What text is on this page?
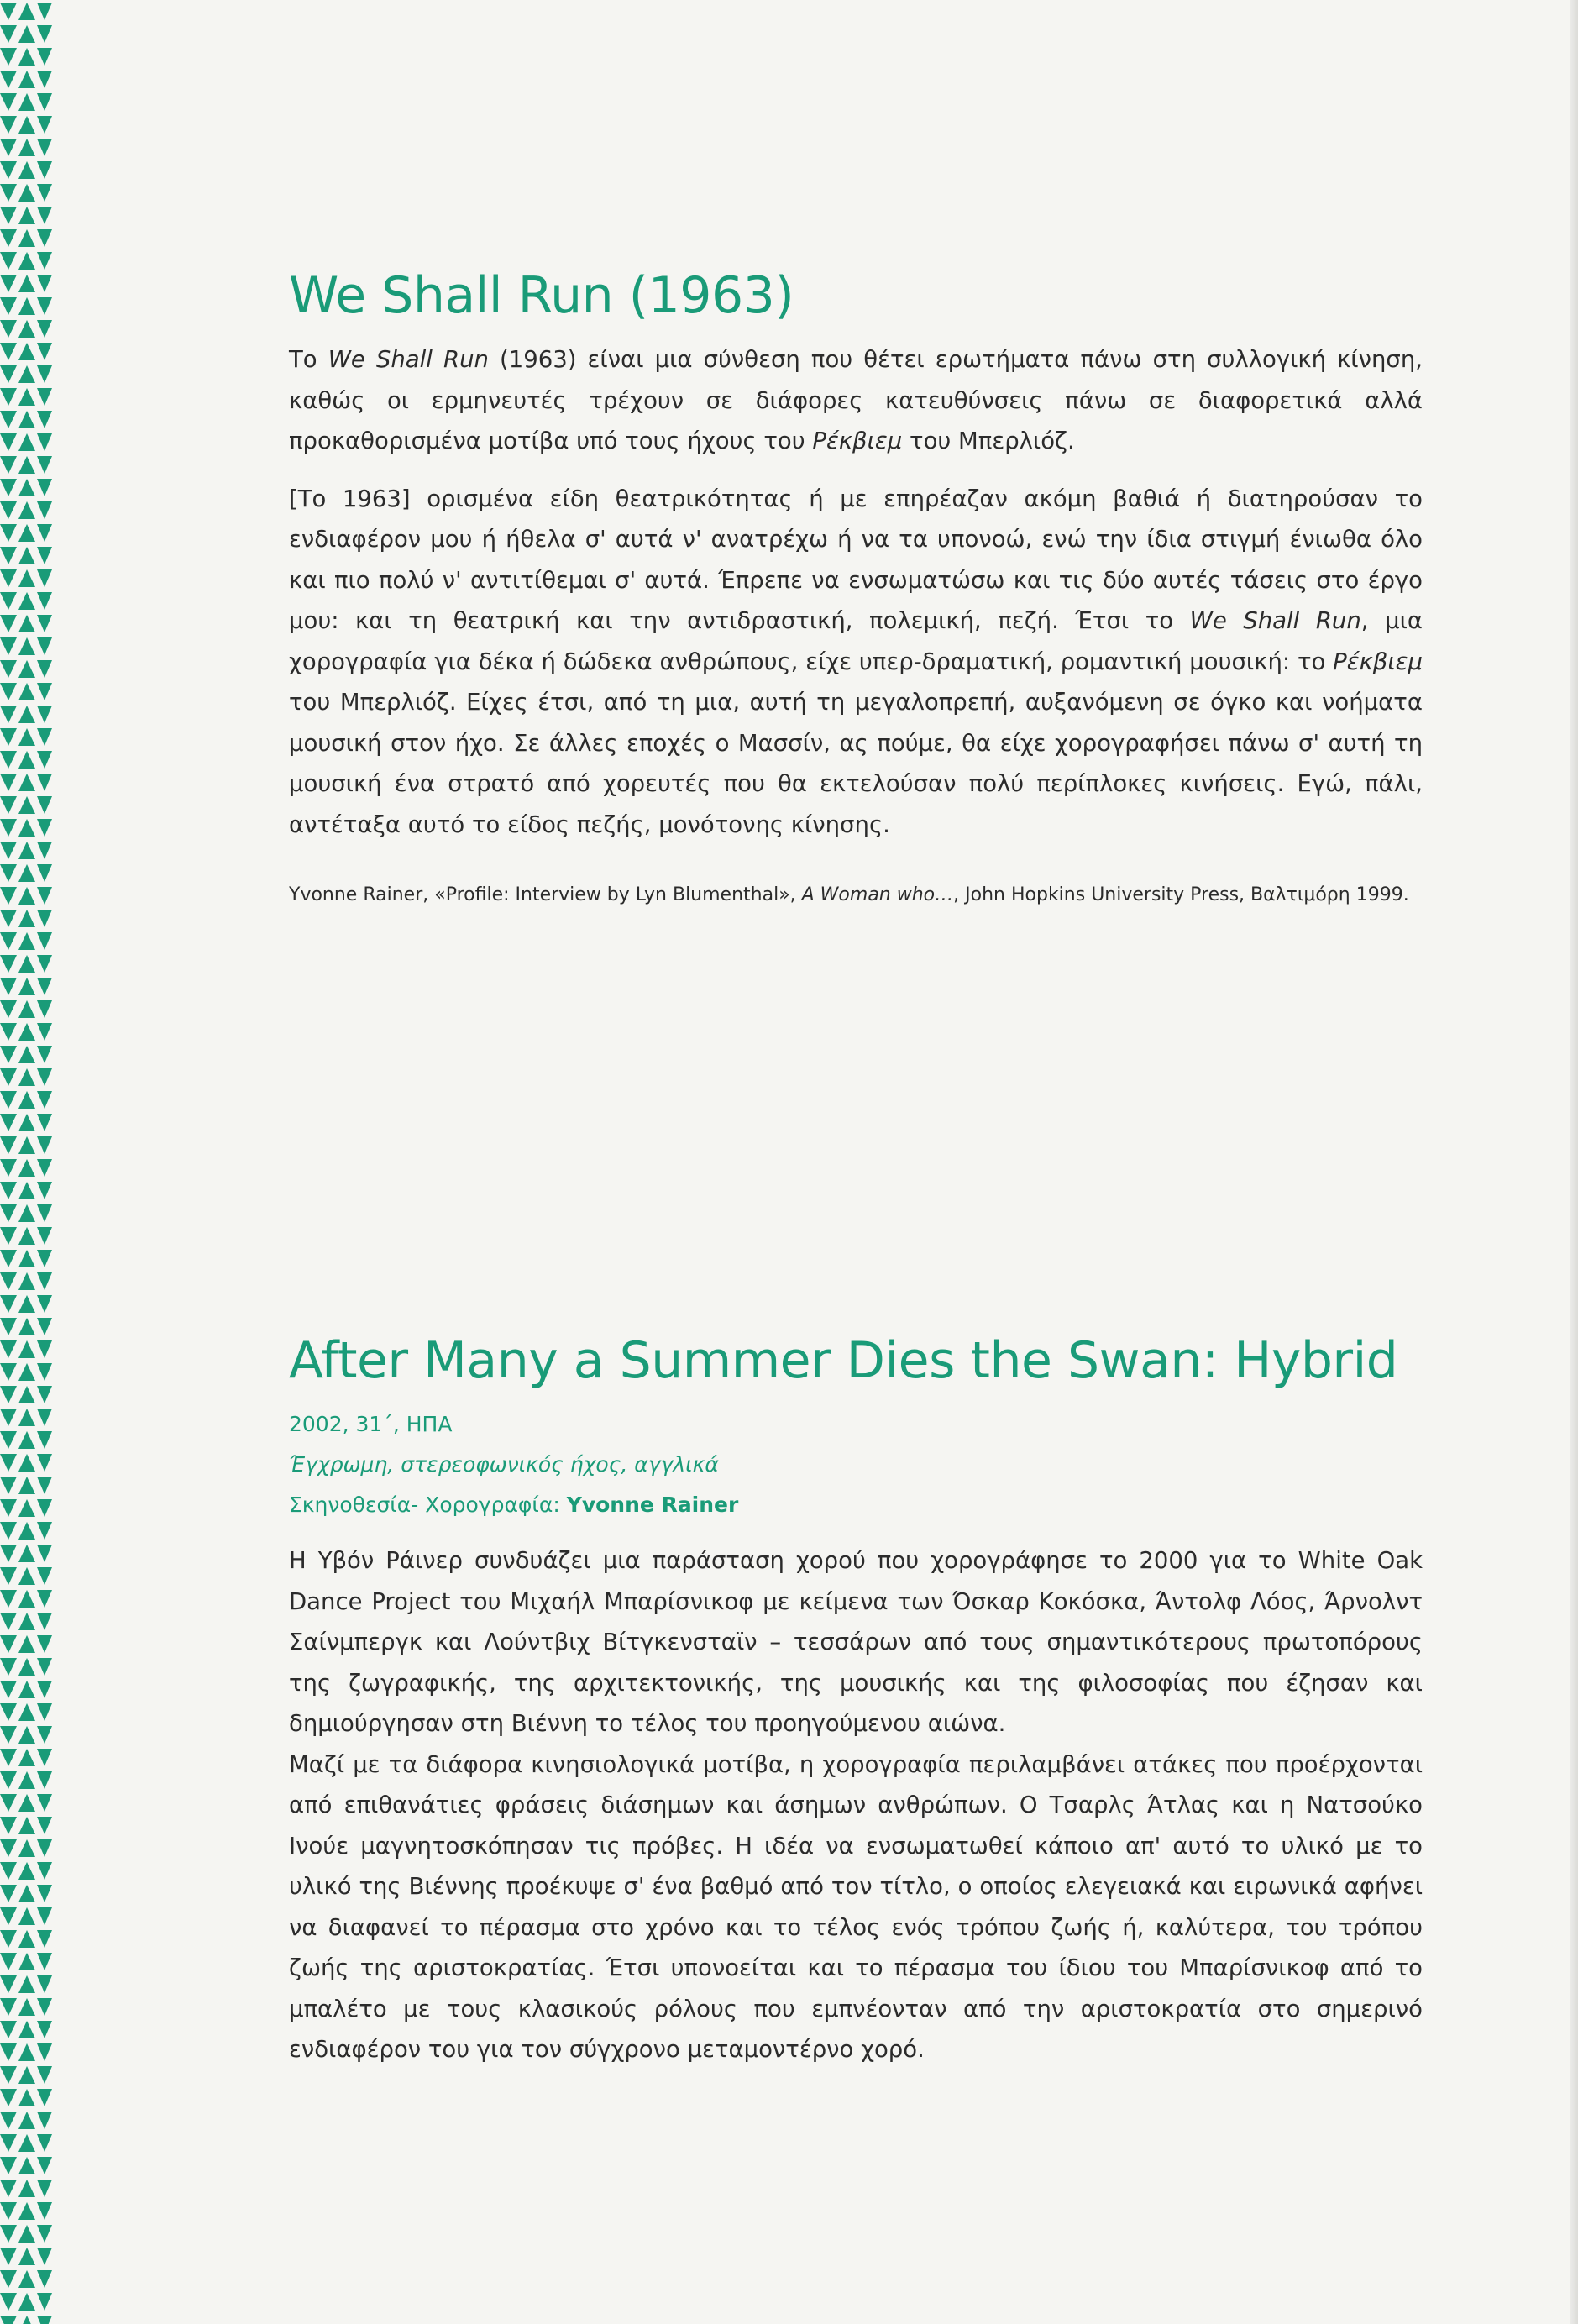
We Shall Run (1963)

Το We Shall Run (1963) είναι μια σύνθεση που θέτει ερωτήματα πάνω στη συλλογική κίνηση, καθώς οι ερμηνευτές τρέχουν σε διάφορες κατευθύνσεις πάνω σε διαφορετικά αλλά προκαθορισμένα μοτίβα υπό τους ήχους του Ρέκβιεμ του Μπερλιόζ.

[Το 1963] ορισμένα είδη θεατρικότητας ή με επηρέαζαν ακόμη βαθιά ή διατηρούσαν το ενδιαφέρον μου ή ήθελα σ' αυτά ν' ανατρέχω ή να τα υπονοώ, ενώ την ίδια στιγμή ένιωθα όλο και πιο πολύ ν' αντιτίθεμαι σ' αυτά. Έπρεπε να ενσωματώσω και τις δύο αυτές τάσεις στο έργο μου: και τη θεατρική και την αντιδραστική, πολεμική, πεζή. Έτσι το We Shall Run, μια χορογραφία για δέκα ή δώδεκα ανθρώπους, είχε υπερ-δραματική, ρομαντική μουσική: το Ρέκβιεμ του Μπερλιόζ. Είχες έτσι, από τη μια, αυτή τη μεγαλοπρεπή, αυξανόμενη σε όγκο και νοήματα μουσική στον ήχο. Σε άλλες εποχές ο Μασσίν, ας πούμε, θα είχε χορογραφήσει πάνω σ' αυτή τη μουσική ένα στρατό από χορευτές που θα εκτελούσαν πολύ περίπλοκες κινήσεις. Εγώ, πάλι, αντέταξα αυτό το είδος πεζής, μονότονης κίνησης.

Yvonne Rainer, «Profile: Interview by Lyn Blumenthal», A Woman who…, John Hopkins University Press, Βαλτιμόρη 1999.

After Many a Summer Dies the Swan: Hybrid

2002, 31΄, ΗΠΑ

Έγχρωμη, στερεοφωνικός ήχος, αγγλικά

Σκηνοθεσία- Χορογραφία: Yvonne Rainer

Η Υβόν Ράινερ συνδυάζει μια παράσταση χορού που χορογράφησε το 2000 για το White Oak Dance Project του Μιχαήλ Μπαρίσνικοφ με κείμενα των Όσκαρ Κοκόσκα, Άντολφ Λόος, Άρνολντ Σαίνμπεργκ και Λούντβιχ Βίτγκενσταϊν – τεσσάρων από τους σημαντικότερους πρωτοπόρους της ζωγραφικής, της αρχιτεκτονικής, της μουσικής και της φιλοσοφίας που έζησαν και δημιούργησαν στη Βιέννη το τέλος του προηγούμενου αιώνα.

Μαζί με τα διάφορα κινησιολογικά μοτίβα, η χορογραφία περιλαμβάνει ατάκες που προέρχονται από επιθανάτιες φράσεις διάσημων και άσημων ανθρώπων. Ο Τσαρλς Άτλας και η Νατσούκο Ινούε μαγνητοσκόπησαν τις πρόβες. Η ιδέα να ενσωματωθεί κάποιο απ' αυτό το υλικό με το υλικό της Βιέννης προέκυψε σ' ένα βαθμό από τον τίτλο, ο οποίος ελεγειακά και ειρωνικά αφήνει να διαφανεί το πέρασμα στο χρόνο και το τέλος ενός τρόπου ζωής ή, καλύτερα, του τρόπου ζωής της αριστοκρατίας. Έτσι υπονοείται και το πέρασμα του ίδιου του Μπαρίσνικοφ από το μπαλέτο με τους κλασικούς ρόλους που εμπνέονταν από την αριστοκρατία στο σημερινό ενδιαφέρον του για τον σύγχρονο μεταμοντέρνο χορό.
